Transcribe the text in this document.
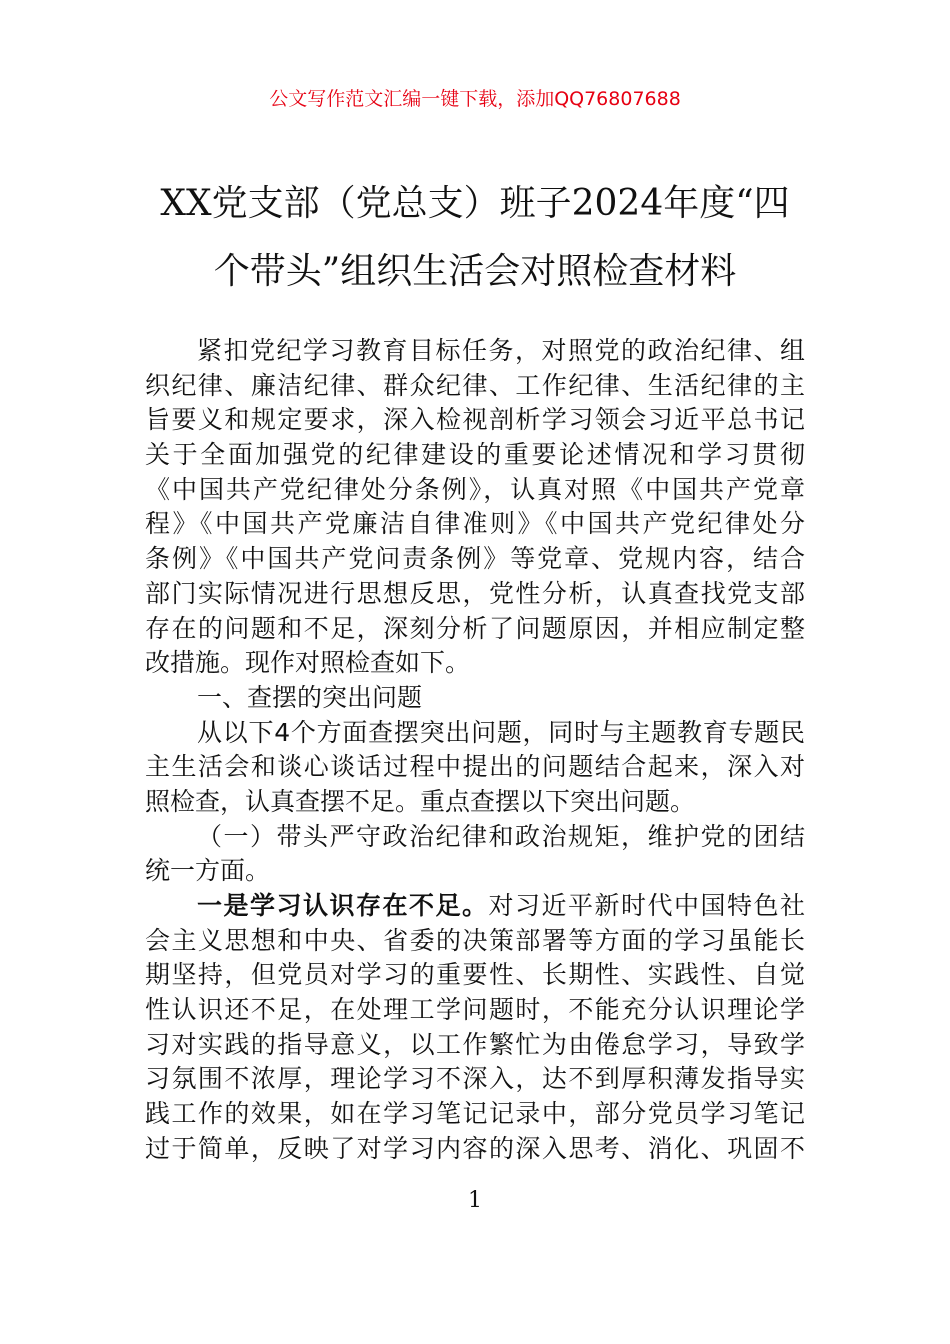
公文写作范文汇编一键下载，添加QQ76807688
XX党支部（党总支）班子2024年度“四
个带头”组织生活会对照检查材料
紧扣党纪学习教育目标任务，对照党的政治纪律、组
织纪律、廉洁纪律、群众纪律、工作纪律、生活纪律的主
旨要义和规定要求，深入检视剖析学习领会习近平总书记
关于全面加强党的纪律建设的重要论述情况和学习贯彻
《中国共产党纪律处分条例》，认真对照《中国共产党章
程》《中国共产党廉洁自律准则》《中国共产党纪律处分
条例》《中国共产党问责条例》等党章、党规内容，结合
部门实际情况进行思想反思，党性分析，认真查找党支部
存在的问题和不足，深刻分析了问题原因，并相应制定整
改措施。现作对照检查如下。
一、查摆的突出问题
从以下4个方面查摆突出问题，同时与主题教育专题民
主生活会和谈心谈话过程中提出的问题结合起来，深入对
照检查，认真查摆不足。重点查摆以下突出问题。
（一）带头严守政治纪律和政治规矩，维护党的团结
统一方面。
一是学习认识存在不足。对习近平新时代中国特色社
会主义思想和中央、省委的决策部署等方面的学习虽能长
期坚持，但党员对学习的重要性、长期性、实践性、自觉
性认识还不足，在处理工学问题时，不能充分认识理论学
习对实践的指导意义，以工作繁忙为由倦怠学习，导致学
习氛围不浓厚，理论学习不深入，达不到厚积薄发指导实
践工作的效果，如在学习笔记记录中，部分党员学习笔记
过于简单，反映了对学习内容的深入思考、消化、巩固不
1
